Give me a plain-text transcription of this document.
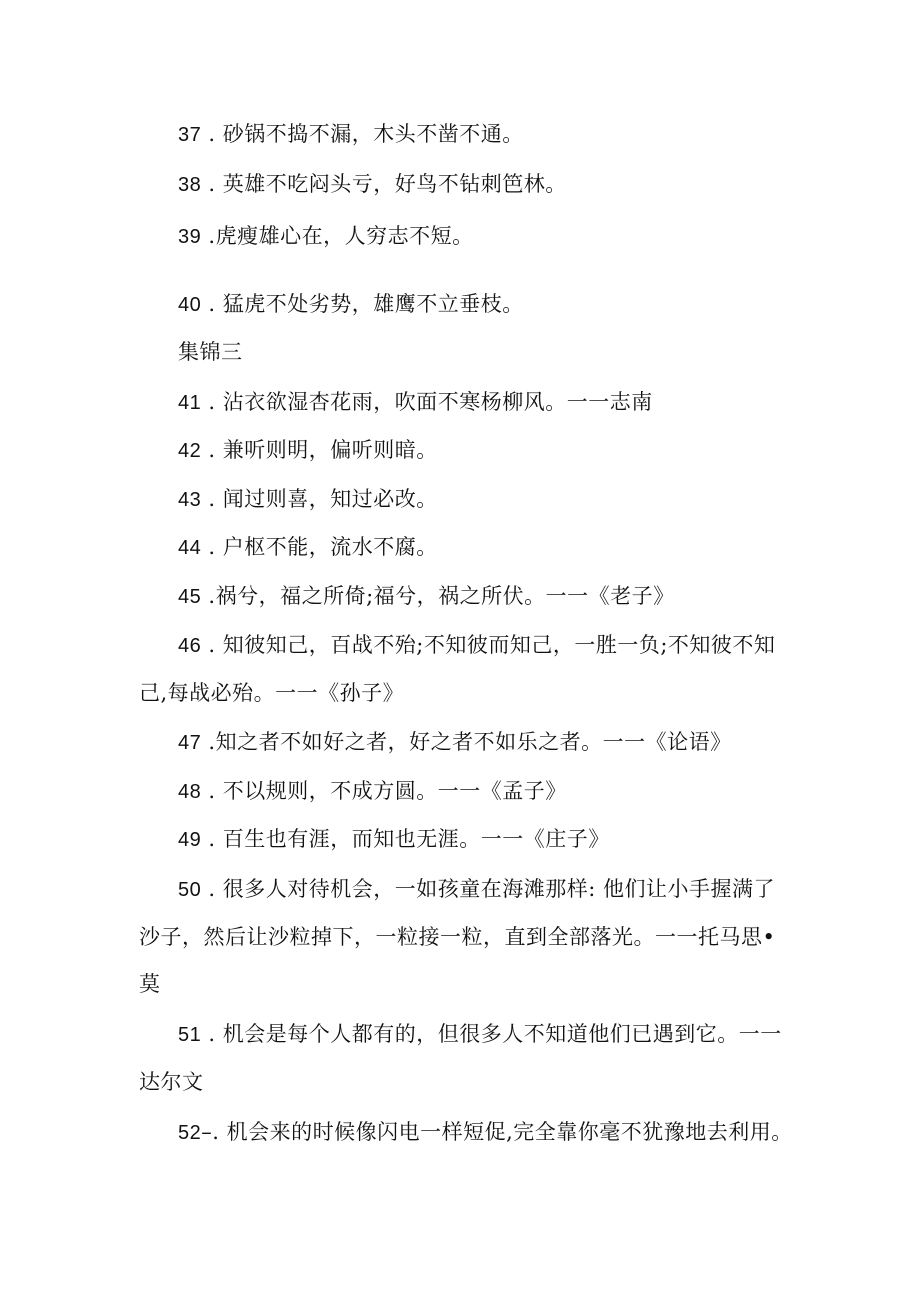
37 . 砂锅不捣不漏，木头不凿不通。
38 . 英雄不吃闷头亏，好鸟不钻刺笆林。
39 .虎瘦雄心在，人穷志不短。
40 . 猛虎不处劣势，雄鹰不立垂枝。
集锦三
41 . 沾衣欲湿杏花雨，吹面不寒杨柳风。一一志南
42 . 兼听则明，偏听则暗。
43 . 闻过则喜，知过必改。
44 . 户枢不能，流水不腐。
45 .祸兮，福之所倚;福兮，祸之所伏。一一《老子》
46 . 知彼知己，百战不殆;不知彼而知己，一胜一负;不知彼不知
己,每战必殆。一一《孙子》
47 .知之者不如好之者，好之者不如乐之者。一一《论语》
48 . 不以规则，不成方圆。一一《孟子》
49 . 百生也有涯，而知也无涯。一一《庄子》
50 . 很多人对待机会，一如孩童在海滩那样: 他们让小手握满了
沙子，然后让沙粒掉下，一粒接一粒，直到全部落光。一一托马思•
莫
51 . 机会是每个人都有的，但很多人不知道他们已遇到它。一一
达尔文
52–. 机会来的时候像闪电一样短促,完全靠你毫不犹豫地去利用。
